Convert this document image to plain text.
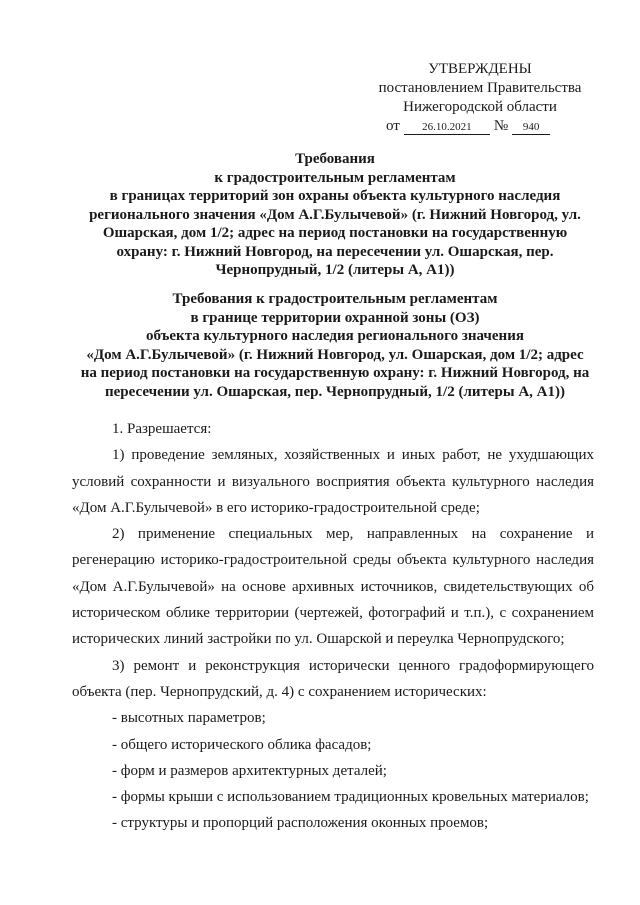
УТВЕРЖДЕНЫ
постановлением Правительства
Нижегородской области
от 26.10.2021 № 940
Требования
к градостроительным регламентам
в границах территорий зон охраны объекта культурного наследия
регионального значения «Дом А.Г.Булычевой» (г. Нижний Новгород, ул.
Ошарская, дом 1/2; адрес на период постановки на государственную
охрану: г. Нижний Новгород, на пересечении ул. Ошарская, пер.
Чернопрудный, 1/2 (литеры А, А1))
Требования к градостроительным регламентам
в границе территории охранной зоны (ОЗ)
объекта культурного наследия регионального значения
«Дом А.Г.Булычевой» (г. Нижний Новгород, ул. Ошарская, дом 1/2; адрес
на период постановки на государственную охрану: г. Нижний Новгород, на
пересечении ул. Ошарская, пер. Чернопрудный, 1/2 (литеры А, А1))
1. Разрешается:
1) проведение земляных, хозяйственных и иных работ, не ухудшающих
условий сохранности и визуального восприятия объекта культурного наследия
«Дом А.Г.Булычевой» в его историко-градостроительной среде;
2) применение специальных мер, направленных на сохранение и
регенерацию историко-градостроительной среды объекта культурного наследия
«Дом А.Г.Булычевой» на основе архивных источников, свидетельствующих об
историческом облике территории (чертежей, фотографий и т.п.), с сохранением
исторических линий застройки по ул. Ошарской и переулка Чернопрудского;
3) ремонт и реконструкция исторически ценного градоформирующего
объекта (пер. Чернопрудский, д. 4) с сохранением исторических:
- высотных параметров;
- общего исторического облика фасадов;
- форм и размеров архитектурных деталей;
- формы крыши с использованием традиционных кровельных материалов;
- структуры и пропорций расположения оконных проемов;
